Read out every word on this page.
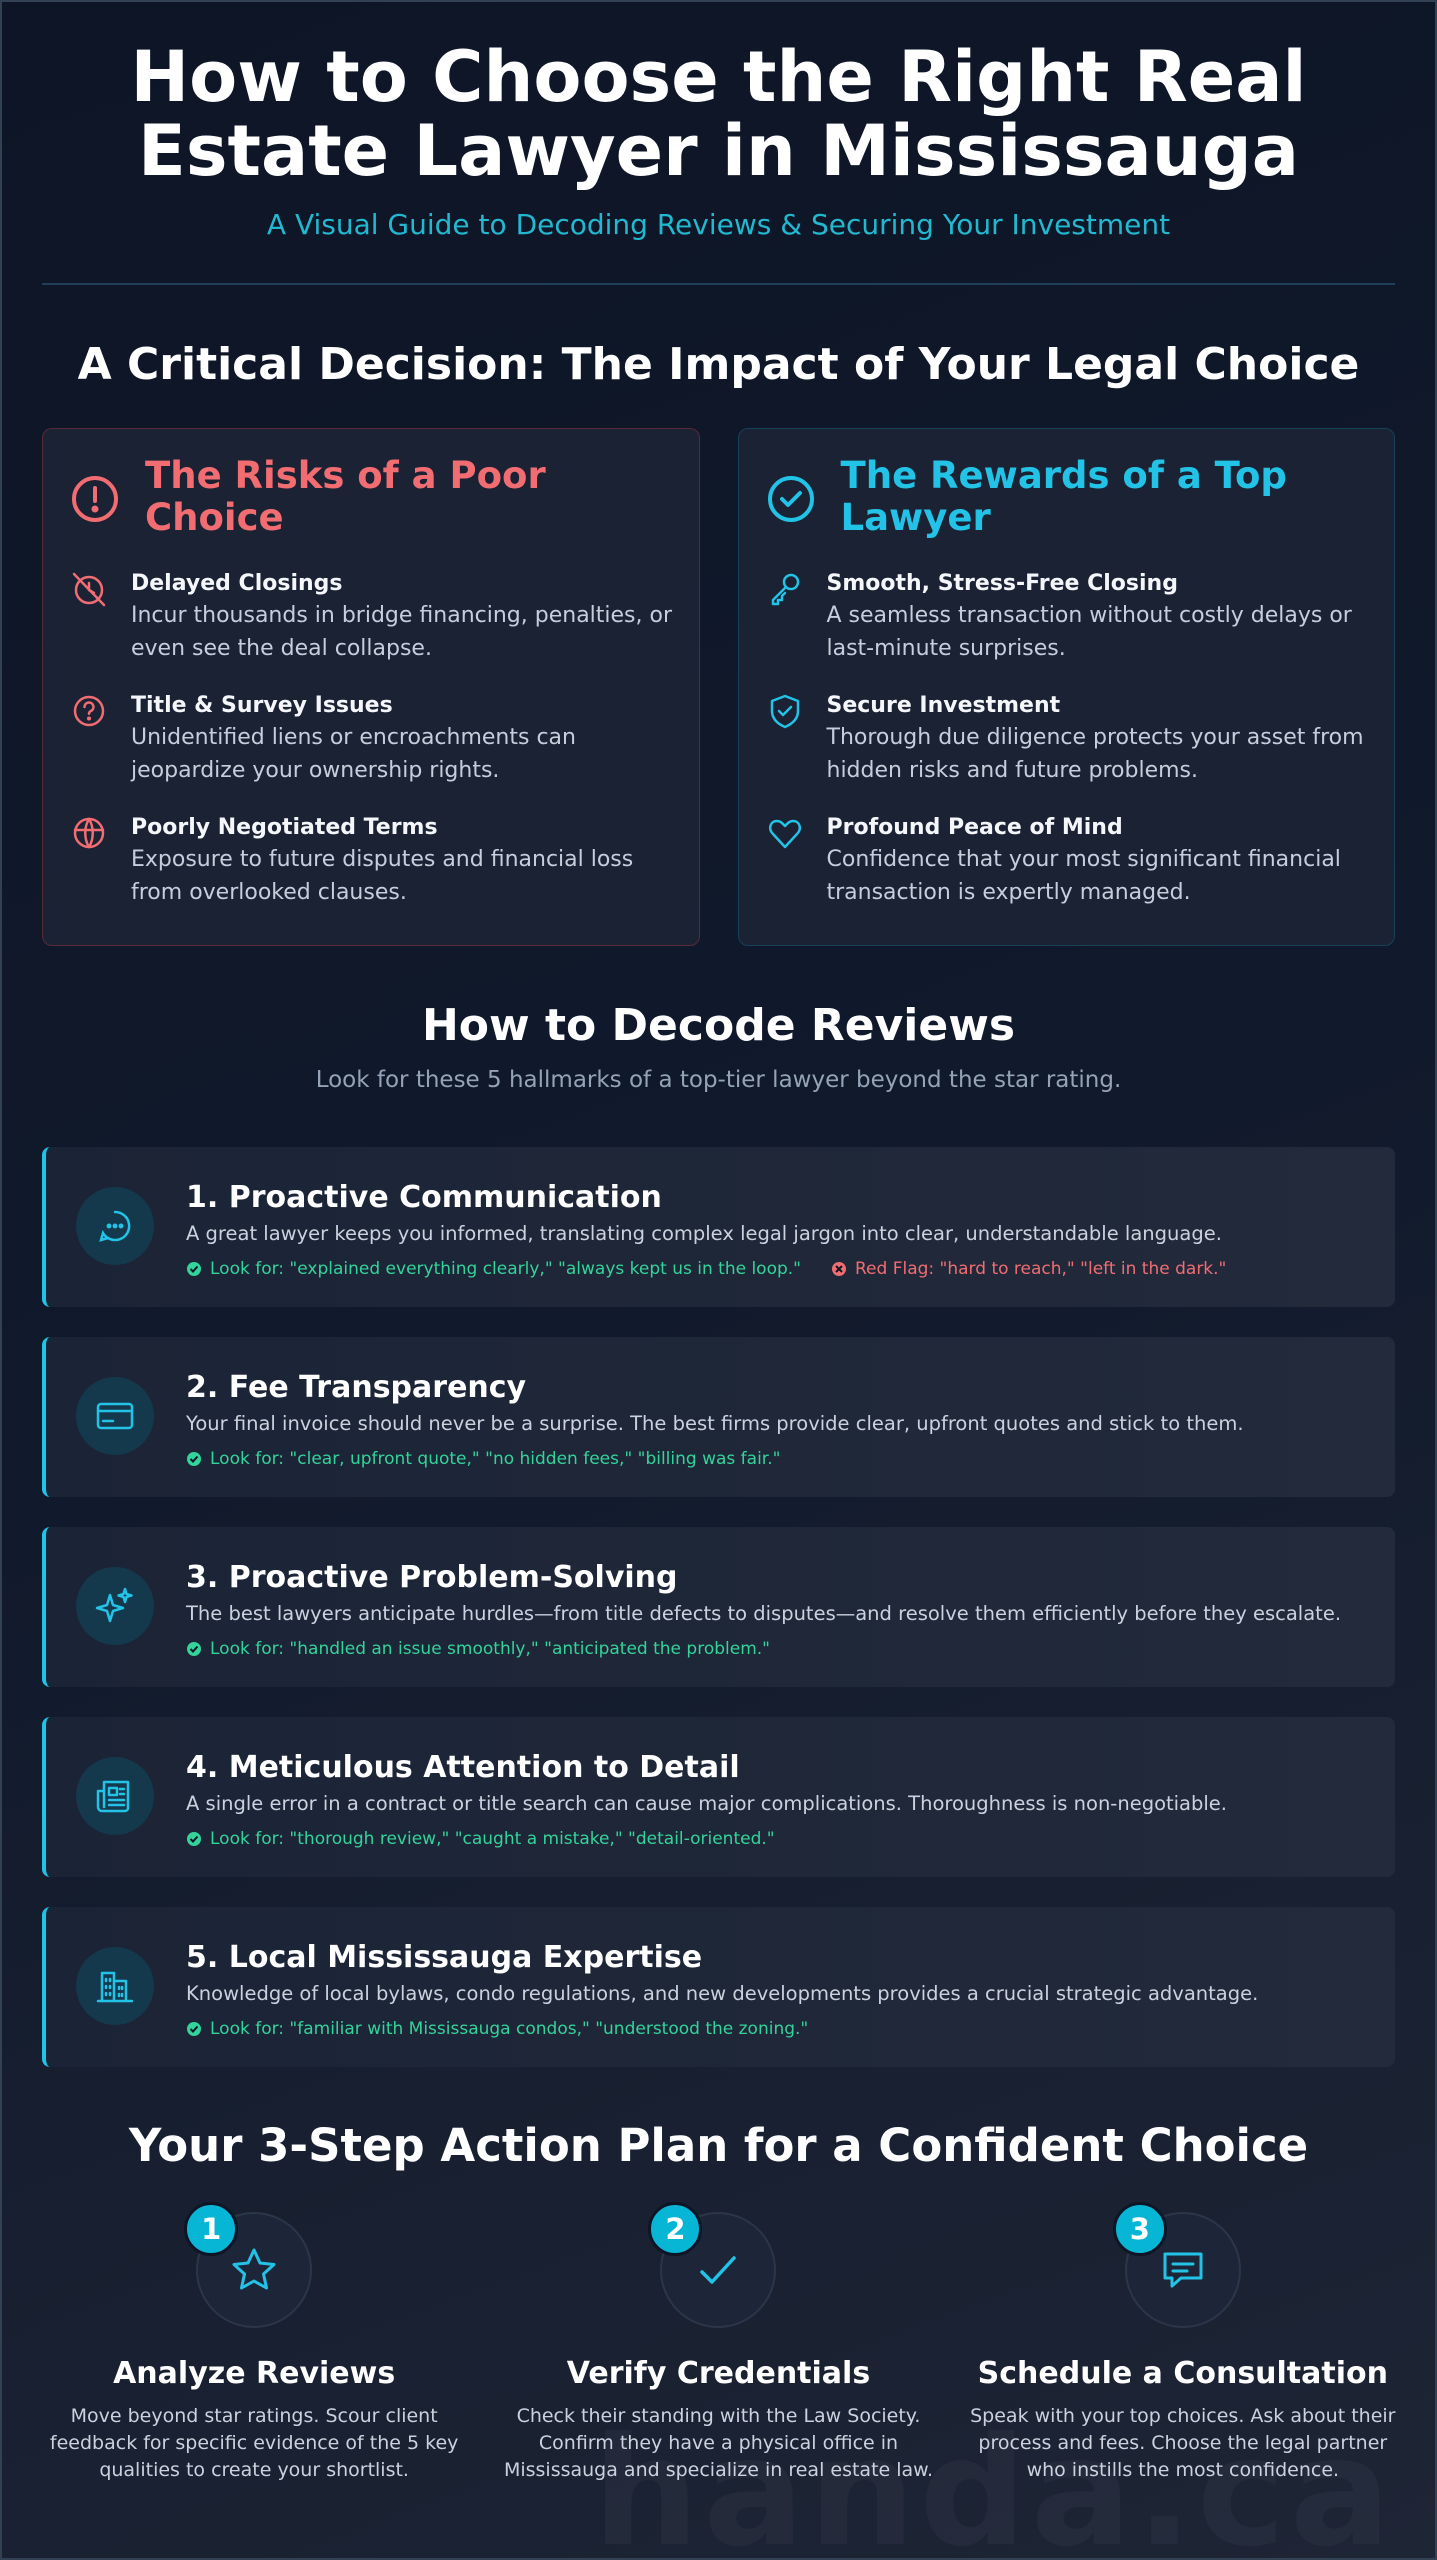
How to Choose the Right Real
Estate Lawyer in Mississauga
A Visual Guide to Decoding Reviews & Securing Your Investment
A Critical Decision: The Impact of Your Legal Choice
The Risks of a Poor Choice
Delayed Closings
Incur thousands in bridge financing, penalties, or even see the deal collapse.
Title & Survey Issues
Unidentified liens or encroachments can jeopardize your ownership rights.
Poorly Negotiated Terms
Exposure to future disputes and financial loss from overlooked clauses.
The Rewards of a Top Lawyer
Smooth, Stress-Free Closing
A seamless transaction without costly delays or last-minute surprises.
Secure Investment
Thorough due diligence protects your asset from hidden risks and future problems.
Profound Peace of Mind
Confidence that your most significant financial transaction is expertly managed.
How to Decode Reviews
Look for these 5 hallmarks of a top-tier lawyer beyond the star rating.
1. Proactive Communication
A great lawyer keeps you informed, translating complex legal jargon into clear, understandable language.
Look for: "explained everything clearly," "always kept us in the loop."	Red Flag: "hard to reach," "left in the dark."
2. Fee Transparency
Your final invoice should never be a surprise. The best firms provide clear, upfront quotes and stick to them.
Look for: "clear, upfront quote," "no hidden fees," "billing was fair."
3. Proactive Problem-Solving
The best lawyers anticipate hurdles—from title defects to disputes—and resolve them efficiently before they escalate.
Look for: "handled an issue smoothly," "anticipated the problem."
4. Meticulous Attention to Detail
A single error in a contract or title search can cause major complications. Thoroughness is non-negotiable.
Look for: "thorough review," "caught a mistake," "detail-oriented."
5. Local Mississauga Expertise
Knowledge of local bylaws, condo regulations, and new developments provides a crucial strategic advantage.
Look for: "familiar with Mississauga condos," "understood the zoning."
Your 3-Step Action Plan for a Confident Choice
1
Analyze Reviews
Move beyond star ratings. Scour client feedback for specific evidence of the 5 key qualities to create your shortlist.
2
Verify Credentials
Check their standing with the Law Society. Confirm they have a physical office in Mississauga and specialize in real estate law.
3
Schedule a Consultation
Speak with your top choices. Ask about their process and fees. Choose the legal partner who instills the most confidence.
